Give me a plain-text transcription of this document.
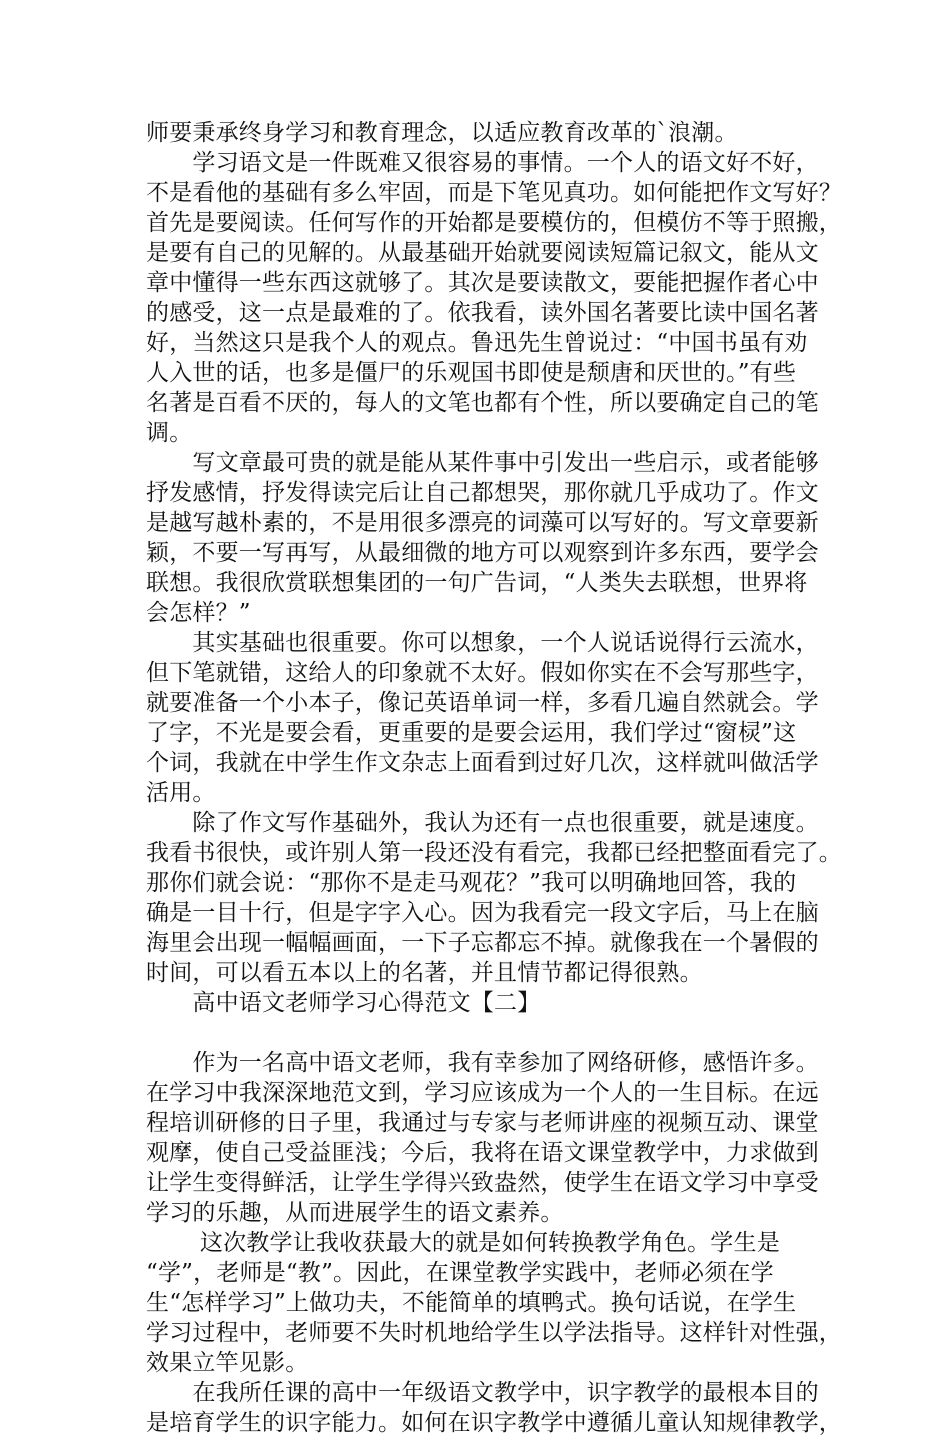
师要秉承终身学习和教育理念，以适应教育改革的`浪潮。
　　学习语文是一件既难又很容易的事情。一个人的语文好不好，
不是看他的基础有多么牢固，而是下笔见真功。如何能把作文写好？
首先是要阅读。任何写作的开始都是要模仿的，但模仿不等于照搬，
是要有自己的见解的。从最基础开始就要阅读短篇记叙文，能从文
章中懂得一些东西这就够了。其次是要读散文，要能把握作者心中
的感受，这一点是最难的了。依我看，读外国名著要比读中国名著
好，当然这只是我个人的观点。鲁迅先生曾说过：“中国书虽有劝
人入世的话，也多是僵尸的乐观国书即使是颓唐和厌世的。”有些
名著是百看不厌的，每人的文笔也都有个性，所以要确定自己的笔
调。
　　写文章最可贵的就是能从某件事中引发出一些启示，或者能够
抒发感情，抒发得读完后让自己都想哭，那你就几乎成功了。作文
是越写越朴素的，不是用很多漂亮的词藻可以写好的。写文章要新
颖，不要一写再写，从最细微的地方可以观察到许多东西，要学会
联想。我很欣赏联想集团的一句广告词，“人类失去联想，世界将
会怎样？”
　　其实基础也很重要。你可以想象，一个人说话说得行云流水，
但下笔就错，这给人的印象就不太好。假如你实在不会写那些字，
就要准备一个小本子，像记英语单词一样，多看几遍自然就会。学
了字，不光是要会看，更重要的是要会运用，我们学过“窗棂”这
个词，我就在中学生作文杂志上面看到过好几次，这样就叫做活学
活用。
　　除了作文写作基础外，我认为还有一点也很重要，就是速度。
我看书很快，或许别人第一段还没有看完，我都已经把整面看完了。
那你们就会说：“那你不是走马观花？”我可以明确地回答，我的
确是一目十行，但是字字入心。因为我看完一段文字后，马上在脑
海里会出现一幅幅画面，一下子忘都忘不掉。就像我在一个暑假的
时间，可以看五本以上的名著，并且情节都记得很熟。
　　高中语文老师学习心得范文【二】
　　作为一名高中语文老师，我有幸参加了网络研修，感悟许多。
在学习中我深深地范文到，学习应该成为一个人的一生目标。在远
程培训研修的日子里，我通过与专家与老师讲座的视频互动、课堂
观摩，使自己受益匪浅；今后，我将在语文课堂教学中，力求做到
让学生变得鲜活，让学生学得兴致盎然，使学生在语文学习中享受
学习的乐趣，从而进展学生的语文素养。
　　 这次教学让我收获最大的就是如何转换教学角色。学生是
“学”，老师是“教”。因此，在课堂教学实践中，老师必须在学
生“怎样学习”上做功夫，不能简单的填鸭式。换句话说，在学生
学习过程中，老师要不失时机地给学生以学法指导。这样针对性强，
效果立竿见影。
　　在我所任课的高中一年级语文教学中，识字教学的最根本目的
是培育学生的识字能力。如何在识字教学中遵循儿童认知规律教学，
